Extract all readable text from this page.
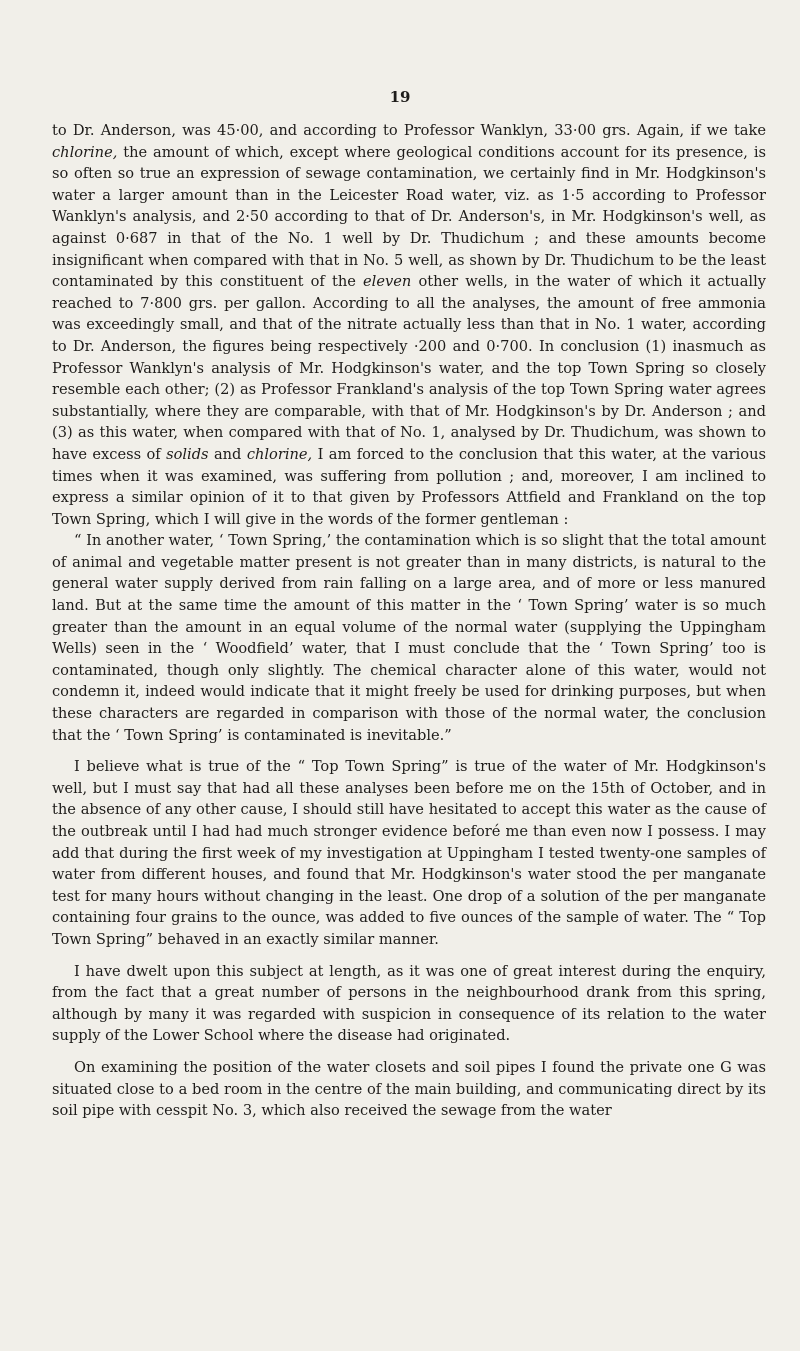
19

to Dr. Anderson, was 45·00, and according to Professor Wanklyn, 33·00 grs. Again, if we take chlorine, the amount of which, except where geological conditions account for its presence, is so often so true an expression of sewage contamination, we certainly find in Mr. Hodgkinson's water a larger amount than in the Leicester Road water, viz. as 1·5 according to Professor Wanklyn's analysis, and 2·50 according to that of Dr. Anderson's, in Mr. Hodgkinson's well, as against 0·687 in that of the No. 1 well by Dr. Thudichum ; and these amounts become insignificant when compared with that in No. 5 well, as shown by Dr. Thudichum to be the least contaminated by this constituent of the eleven other wells, in the water of which it actually reached to 7·800 grs. per gallon. According to all the analyses, the amount of free ammonia was exceedingly small, and that of the nitrate actually less than that in No. 1 water, according to Dr. Anderson, the figures being respectively ·200 and 0·700. In conclusion (1) inasmuch as Professor Wanklyn's analysis of Mr. Hodgkinson's water, and the top Town Spring so closely resemble each other; (2) as Professor Frankland's analysis of the top Town Spring water agrees substantially, where they are comparable, with that of Mr. Hodgkinson's by Dr. Anderson ; and (3) as this water, when compared with that of No. 1, analysed by Dr. Thudichum, was shown to have excess of solids and chlorine, I am forced to the conclusion that this water, at the various times when it was examined, was suffering from pollution ; and, moreover, I am inclined to express a similar opinion of it to that given by Professors Attfield and Frankland on the top Town Spring, which I will give in the words of the former gentleman :

“ In another water, ‘ Town Spring,’ the contamination which is so slight that the total amount of animal and vegetable matter present is not greater than in many districts, is natural to the general water supply derived from rain falling on a large area, and of more or less manured land. But at the same time the amount of this matter in the ‘ Town Spring’ water is so much greater than the amount in an equal volume of the normal water (supplying the Uppingham Wells) seen in the ‘ Woodfield’ water, that I must conclude that the ‘ Town Spring’ too is contaminated, though only slightly. The chemical character alone of this water, would not condemn it, indeed would indicate that it might freely be used for drinking purposes, but when these characters are regarded in comparison with those of the normal water, the conclusion that the ‘ Town Spring’ is contaminated is inevitable.”

I believe what is true of the “ Top Town Spring” is true of the water of Mr. Hodgkinson's well, but I must say that had all these analyses been before me on the 15th of October, and in the absence of any other cause, I should still have hesitated to accept this water as the cause of the outbreak until I had had much stronger evidence beforé me than even now I possess. I may add that during the first week of my investigation at Uppingham I tested twenty-one samples of water from different houses, and found that Mr. Hodgkinson's water stood the per manganate test for many hours without changing in the least. One drop of a solution of the per manganate containing four grains to the ounce, was added to five ounces of the sample of water. The “ Top Town Spring” behaved in an exactly similar manner.

I have dwelt upon this subject at length, as it was one of great interest during the enquiry, from the fact that a great number of persons in the neighbourhood drank from this spring, although by many it was regarded with suspicion in consequence of its relation to the water supply of the Lower School where the disease had originated.

On examining the position of the water closets and soil pipes I found the private one G was situated close to a bed room in the centre of the main building, and communicating direct by its soil pipe with cesspit No. 3, which also received the sewage from the water
